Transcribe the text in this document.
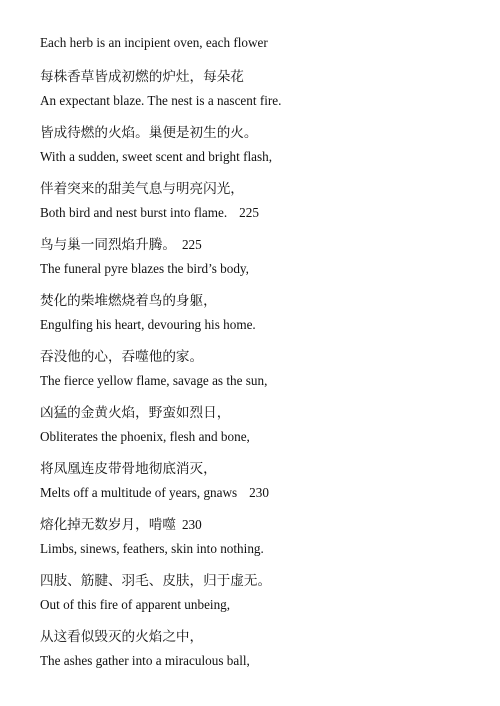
Each herb is an incipient oven, each flower
每株香草皆成初燃的炉灶，每朵花
An expectant blaze. The nest is a nascent fire.
皆成待燃的火焰。巢便是初生的火。
With a sudden, sweet scent and bright flash,
伴着突来的甜美气息与明亮闪光，
Both bird and nest burst into flame. 225
鸟与巢一同烈焰升腾。 225
The funeral pyre blazes the bird’s body,
焚化的柴堆燃烧着鸟的身躯，
Engulfing his heart, devouring his home.
吞没他的心，吞噬他的家。
The fierce yellow flame, savage as the sun,
凶猛的金黄火焰，野蛮如烈日，
Obliterates the phoenix, flesh and bone,
将凤凰连皮带骨地彻底消灭，
Melts off a multitude of years, gnaws 230
熔化掉无数岁月，啃噬 230
Limbs, sinews, feathers, skin into nothing.
四肢、筋腱、羽毛、皮肤，归于虚无。
Out of this fire of apparent unbeing,
从这看似毁灭的火焰之中，
The ashes gather into a miraculous ball,
